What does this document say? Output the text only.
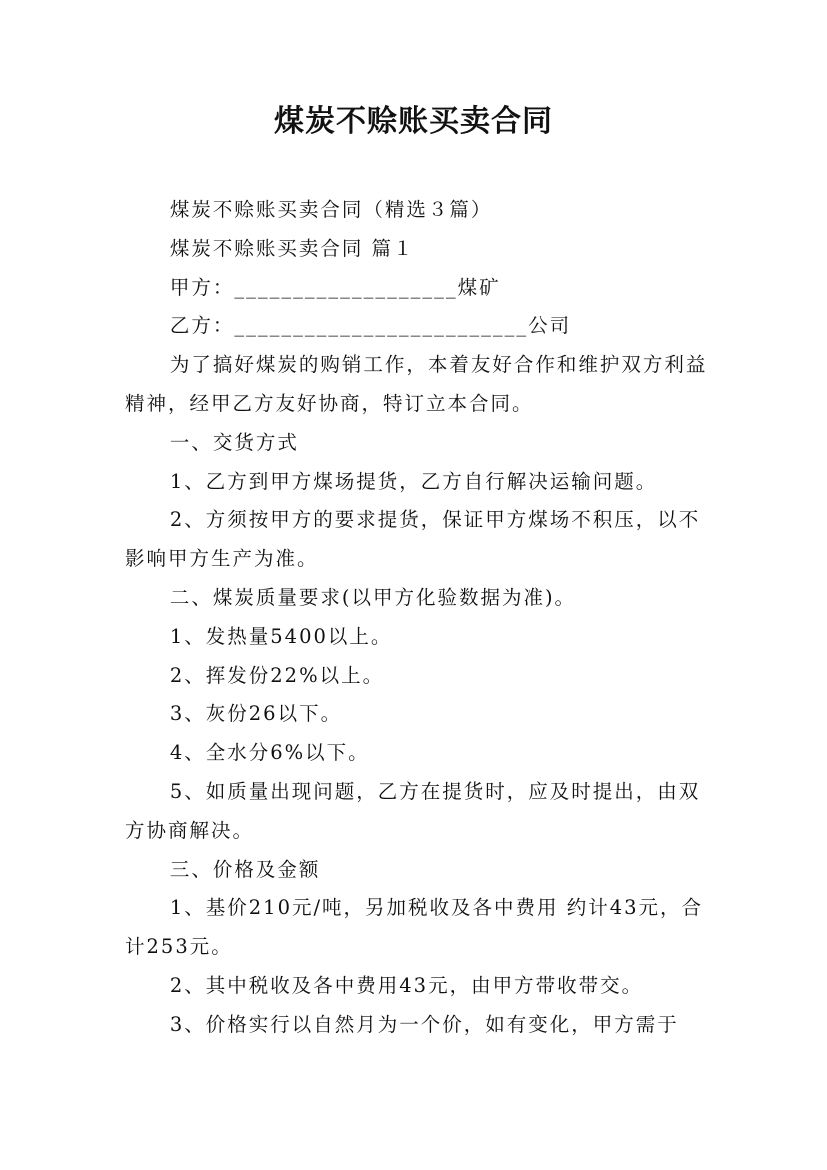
煤炭不赊账买卖合同

煤炭不赊账买卖合同（精选３篇）

煤炭不赊账买卖合同 篇１

甲方：___________________煤矿

乙方：_________________________公司

为了搞好煤炭的购销工作，本着友好合作和维护双方利益精神，经甲乙方友好协商，特订立本合同。

一、交货方式

1、乙方到甲方煤场提货，乙方自行解决运输问题。

2、方须按甲方的要求提货，保证甲方煤场不积压，以不影响甲方生产为准。

二、煤炭质量要求(以甲方化验数据为准)。

1、发热量5400以上。

2、挥发份22%以上。

3、灰份26以下。

4、全水分6%以下。

5、如质量出现问题，乙方在提货时，应及时提出，由双方协商解决。

三、价格及金额

1、基价210元/吨，另加税收及各中费用 约计43元，合计253元。

2、其中税收及各中费用43元，由甲方带收带交。

3、价格实行以自然月为一个价，如有变化，甲方需于
